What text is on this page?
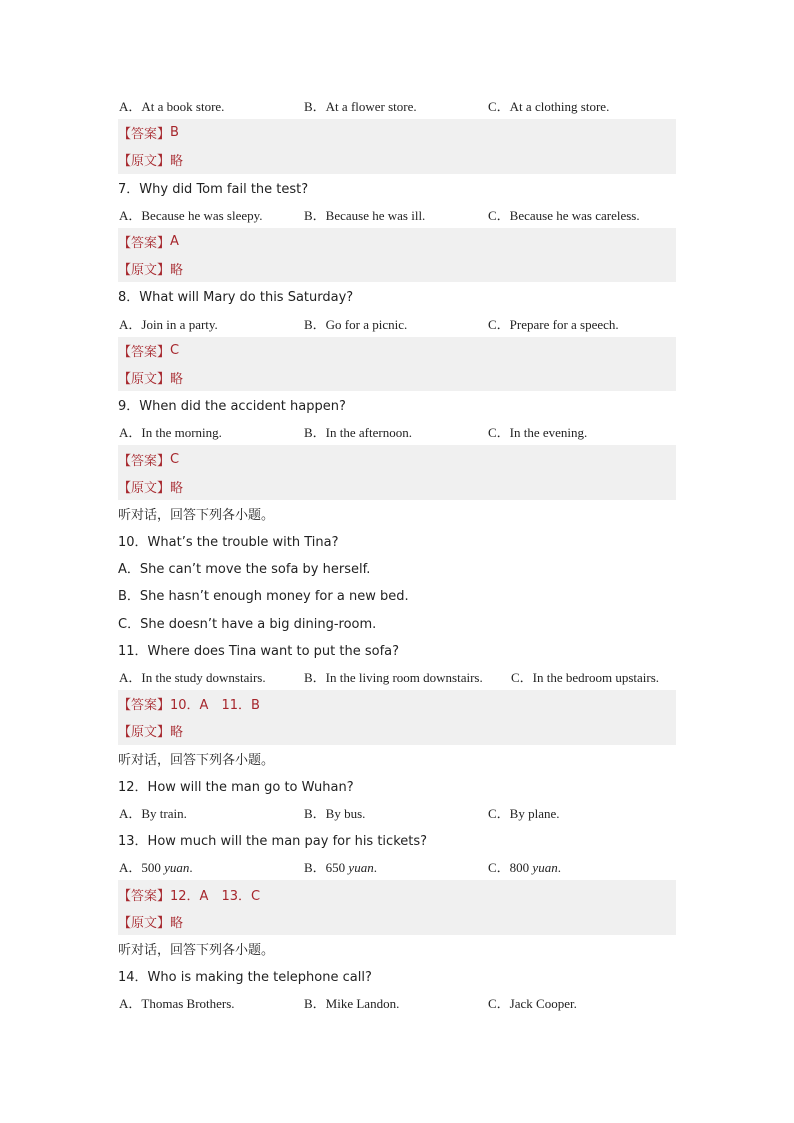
A．At a book store.	B．At a flower store.	C．At a clothing store.
【答案】 B
【原文】 略
7．Why did Tom fail the test?
A．Because he was sleepy.	B．Because he was ill.	C．Because he was careless.
【答案】 A
【原文】 略
8．What will Mary do this Saturday?
A．Join in a party.	B．Go for a picnic.	C．Prepare for a speech.
【答案】 C
【原文】 略
9．When did the accident happen?
A．In the morning.	B．In the afternoon.	C．In the evening.
【答案】 C
【原文】 略
听对话，回答下列各小题。
10．What’s the trouble with Tina?
A．She can’t move the sofa by herself.
B．She hasn’t enough money for a new bed.
C．She doesn’t have a big dining-room.
11．Where does Tina want to put the sofa?
A．In the study downstairs.	B．In the living room downstairs. C．In the bedroom upstairs.
【答案】 10．A　11．B
【原文】 略
听对话，回答下列各小题。
12．How will the man go to Wuhan?
A．By train.	B．By bus.	C．By plane.
13．How much will the man pay for his tickets?
A．500 yuan.	B．650 yuan.	C．800 yuan.
【答案】 12．A　13．C
【原文】 略
听对话，回答下列各小题。
14．Who is making the telephone call?
A．Thomas Brothers.	B．Mike Landon.	C．Jack Cooper.
